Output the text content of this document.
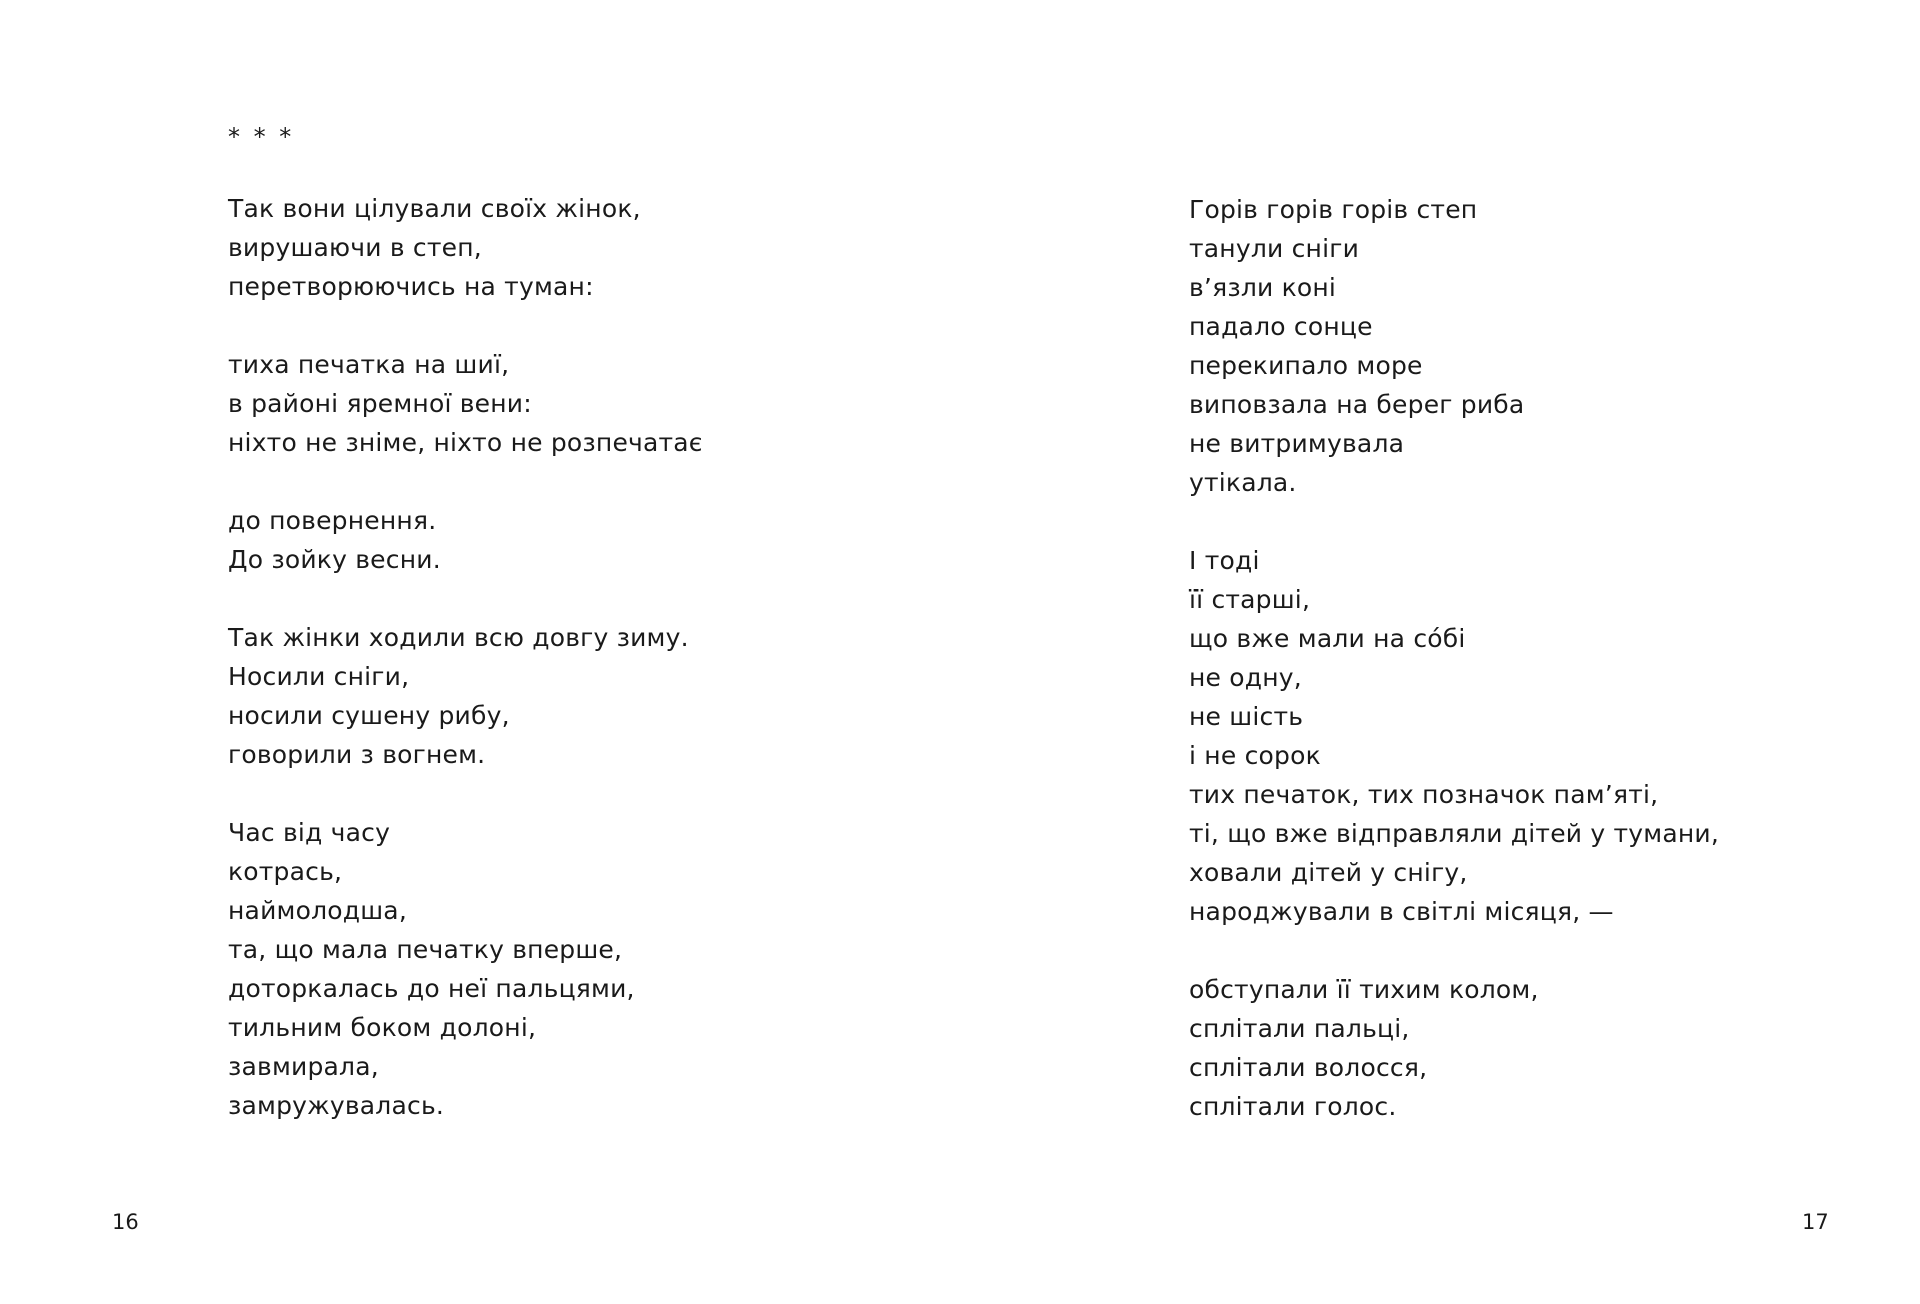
* * *
Так вони цілували своїх жінок,
вирушаючи в степ,
перетворюючись на туман:
тиха печатка на шиї,
в районі яремної вени:
ніхто не зніме, ніхто не розпечатає
до повернення.
До зойку весни.
Так жінки ходили всю довгу зиму.
Носили сніги,
носили сушену рибу,
говорили з вогнем.
Час від часу
котрась,
наймолодша,
та, що мала печатку вперше,
доторкалась до неї пальцями,
тильним боком долоні,
завмирала,
замружувалась.
16
Горів горів горів степ
танули сніги
в’язли коні
падало сонце
перекипало море
виповзала на берег риба
не витримувала
утікала.
І тоді
її старші,
що вже мали на со́бі
не одну,
не шість
і не сорок
тих печаток, тих позначок пам’яті,
ті, що вже відправляли дітей у тумани,
ховали дітей у снігу,
народжували в світлі місяця, —
обступали її тихим колом,
сплітали пальці,
сплітали волосся,
сплітали голос.
17
